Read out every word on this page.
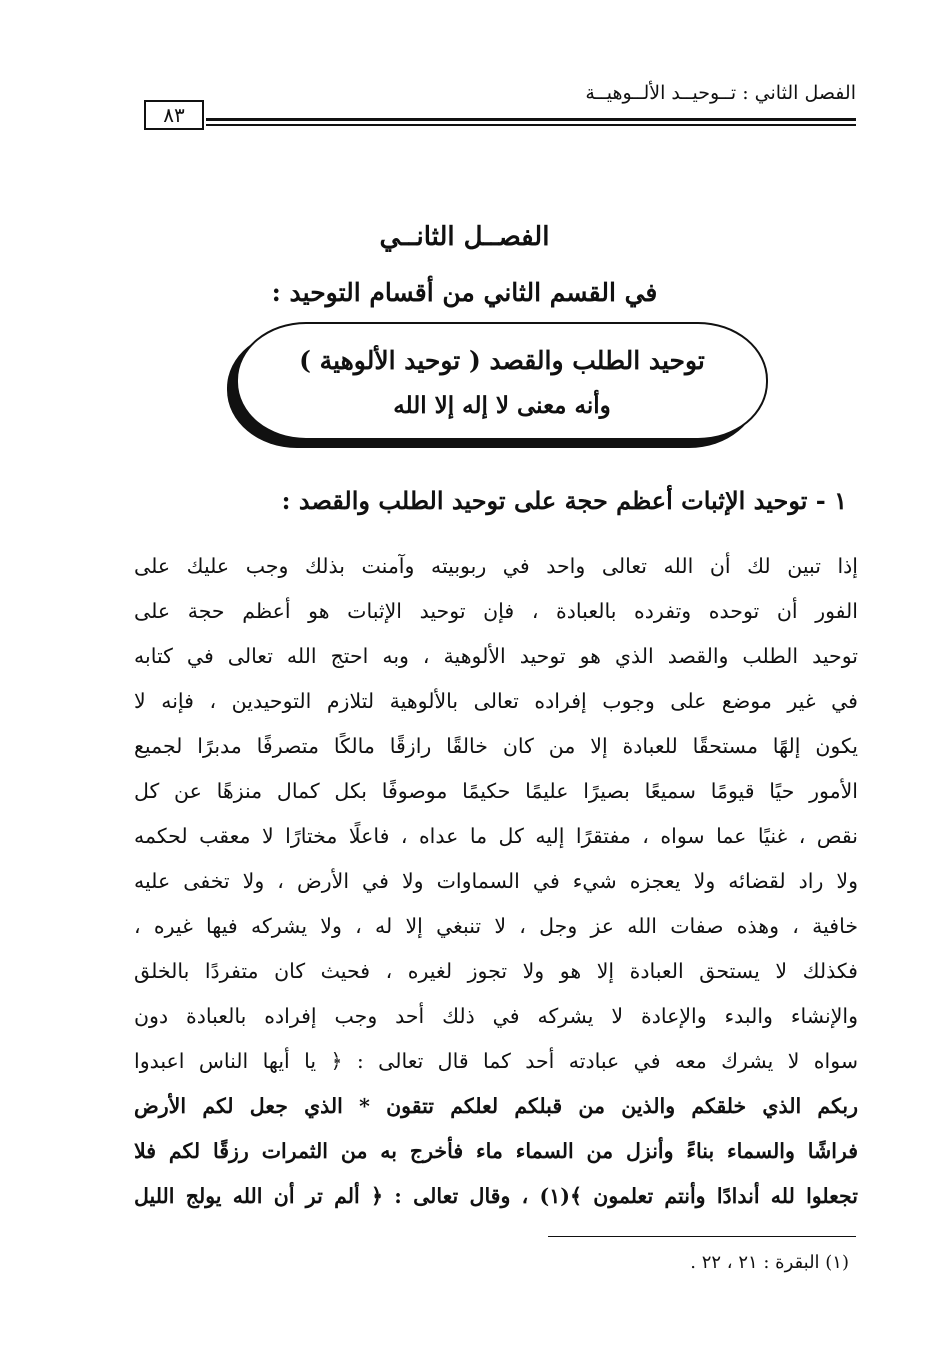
الفصل الثاني : تــوحيــد الألــوهيــة
٨٣
الفصــل الثانــي
في القسم الثاني من أقسام التوحيد :
توحيد الطلب والقصد ( توحيد الألوهية )
وأنه معنى لا إله إلا الله
١ - توحيد الإثبات أعظم حجة على توحيد الطلب والقصد :
إذا تبين لك أن الله تعالى واحد في ربوبيته وآمنت بذلك وجب عليك على
الفور أن توحده وتفرده بالعبادة ، فإن توحيد الإثبات هو أعظم حجة على
توحيد الطلب والقصد الذي هو توحيد الألوهية ، وبه احتج الله تعالى في كتابه
في غير موضع على وجوب إفراده تعالى بالألوهية لتلازم التوحيدين ، فإنه لا
يكون إلهًا مستحقًا للعبادة إلا من كان خالقًا رازقًا مالكًا متصرفًا مدبرًا لجميع
الأمور حيًا قيومًا سميعًا بصيرًا عليمًا حكيمًا موصوفًا بكل كمال منزهًا عن كل
نقص ، غنيًا عما سواه ، مفتقرًا إليه كل ما عداه ، فاعلًا مختارًا لا معقب لحكمه
ولا راد لقضائه ولا يعجزه شيء في السماوات ولا في الأرض ، ولا تخفى عليه
خافية ، وهذه صفات الله عز وجل ، لا تنبغي إلا له ، ولا يشركه فيها غيره ،
فكذلك لا يستحق العبادة إلا هو ولا تجوز لغيره ، فحيث كان متفردًا بالخلق
والإنشاء والبدء والإعادة لا يشركه في ذلك أحد وجب إفراده بالعبادة دون
سواه لا يشرك معه في عبادته أحد كما قال تعالى : ﴿ يا أيها الناس اعبدوا
ربكم الذي خلقكم والذين من قبلكم لعلكم تتقون * الذي جعل لكم الأرض
فراشًا والسماء بناءً وأنزل من السماء ماء فأخرج به من الثمرات رزقًا لكم فلا
تجعلوا لله أندادًا وأنتم تعلمون ﴾(١) ، وقال تعالى : ﴿ ألم تر أن الله يولج الليل
(١) البقرة : ٢١ ، ٢٢ .
